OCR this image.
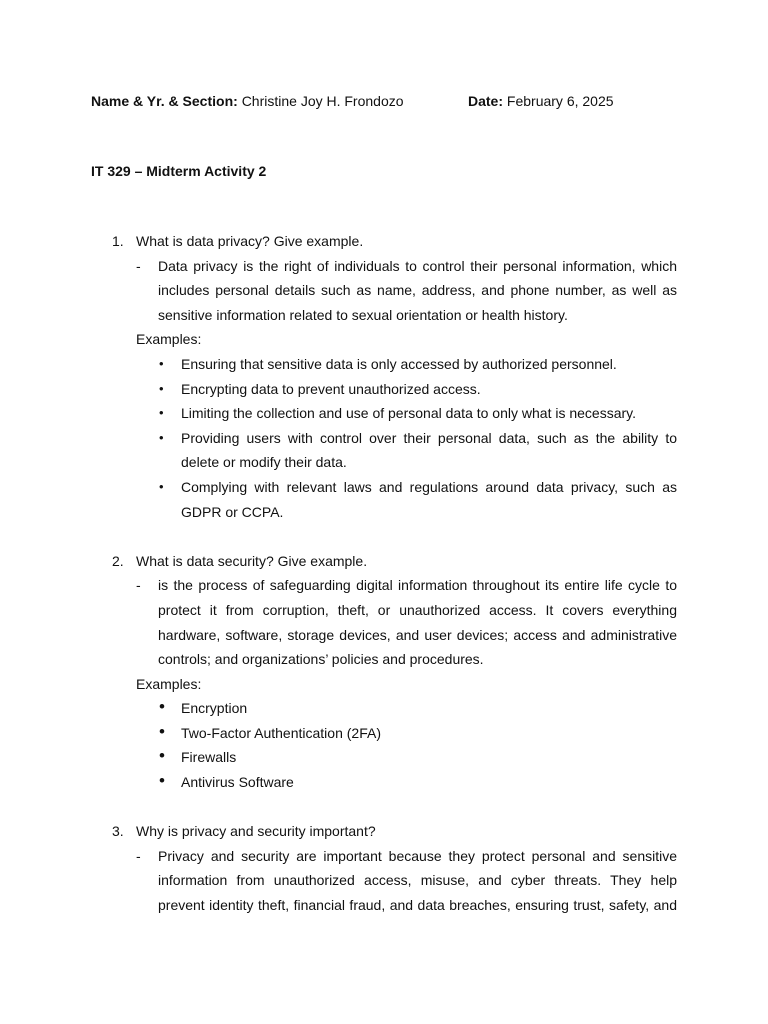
Name & Yr. & Section: Christine Joy H. Frondozo	Date: February 6, 2025
IT 329 – Midterm Activity 2
1. What is data privacy? Give example.
- Data privacy is the right of individuals to control their personal information, which includes personal details such as name, address, and phone number, as well as sensitive information related to sexual orientation or health history.
Examples:
• Ensuring that sensitive data is only accessed by authorized personnel.
• Encrypting data to prevent unauthorized access.
• Limiting the collection and use of personal data to only what is necessary.
• Providing users with control over their personal data, such as the ability to delete or modify their data.
• Complying with relevant laws and regulations around data privacy, such as GDPR or CCPA.
2. What is data security? Give example.
- is the process of safeguarding digital information throughout its entire life cycle to protect it from corruption, theft, or unauthorized access. It covers everything hardware, software, storage devices, and user devices; access and administrative controls; and organizations’ policies and procedures.
Examples:
• Encryption
• Two-Factor Authentication (2FA)
• Firewalls
• Antivirus Software
3. Why is privacy and security important?
- Privacy and security are important because they protect personal and sensitive information from unauthorized access, misuse, and cyber threats. They help prevent identity theft, financial fraud, and data breaches, ensuring trust, safety, and
